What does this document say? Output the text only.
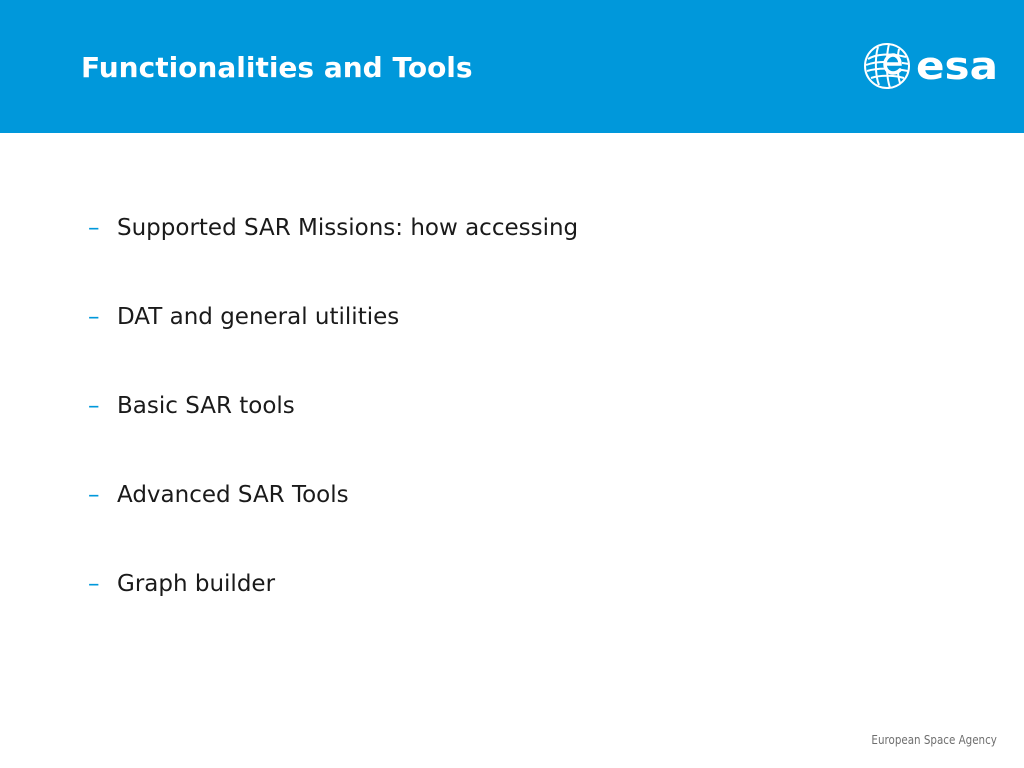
Functionalities and Tools	esa
– Supported SAR Missions: how accessing
– DAT and general utilities
– Basic SAR tools
– Advanced SAR Tools
– Graph builder
European Space Agency
